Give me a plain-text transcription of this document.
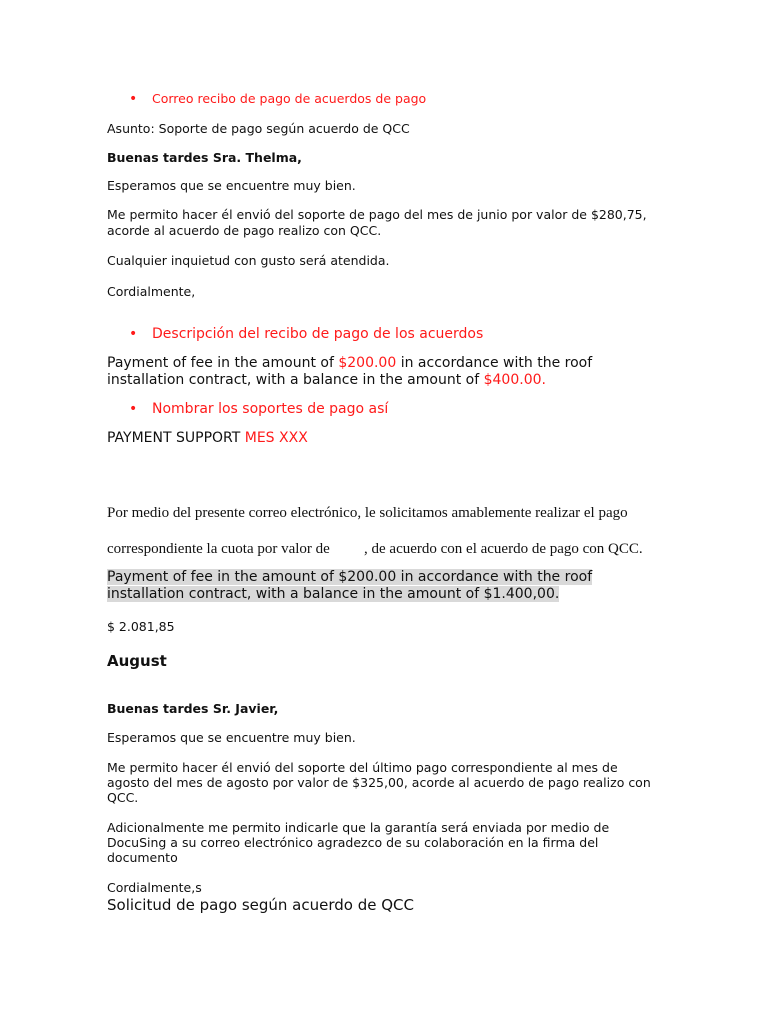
• Correo recibo de pago de acuerdos de pago
Asunto: Soporte de pago según acuerdo de QCC
Buenas tardes Sra. Thelma,
Esperamos que se encuentre muy bien.
Me permito hacer él envió del soporte de pago del mes de junio por valor de $280,75,
acorde al acuerdo de pago realizo con QCC.
Cualquier inquietud con gusto será atendida.
Cordialmente,
• Descripción del recibo de pago de los acuerdos
Payment of fee in the amount of $200.00 in accordance with the roof
installation contract, with a balance in the amount of $400.00.
• Nombrar los soportes de pago así
PAYMENT SUPPORT MES XXX
Por medio del presente correo electrónico, le solicitamos amablemente realizar el pago
correspondiente la cuota por valor de , de acuerdo con el acuerdo de pago con QCC.
Payment of fee in the amount of $200.00 in accordance with the roof
installation contract, with a balance in the amount of $1.400,00.
$ 2.081,85
August
Buenas tardes Sr. Javier,
Esperamos que se encuentre muy bien.
Me permito hacer él envió del soporte del último pago correspondiente al mes de
agosto del mes de agosto por valor de $325,00, acorde al acuerdo de pago realizo con
QCC.
Adicionalmente me permito indicarle que la garantía será enviada por medio de
DocuSing a su correo electrónico agradezco de su colaboración en la firma del
documento
Cordialmente,s
Solicitud de pago según acuerdo de QCC
